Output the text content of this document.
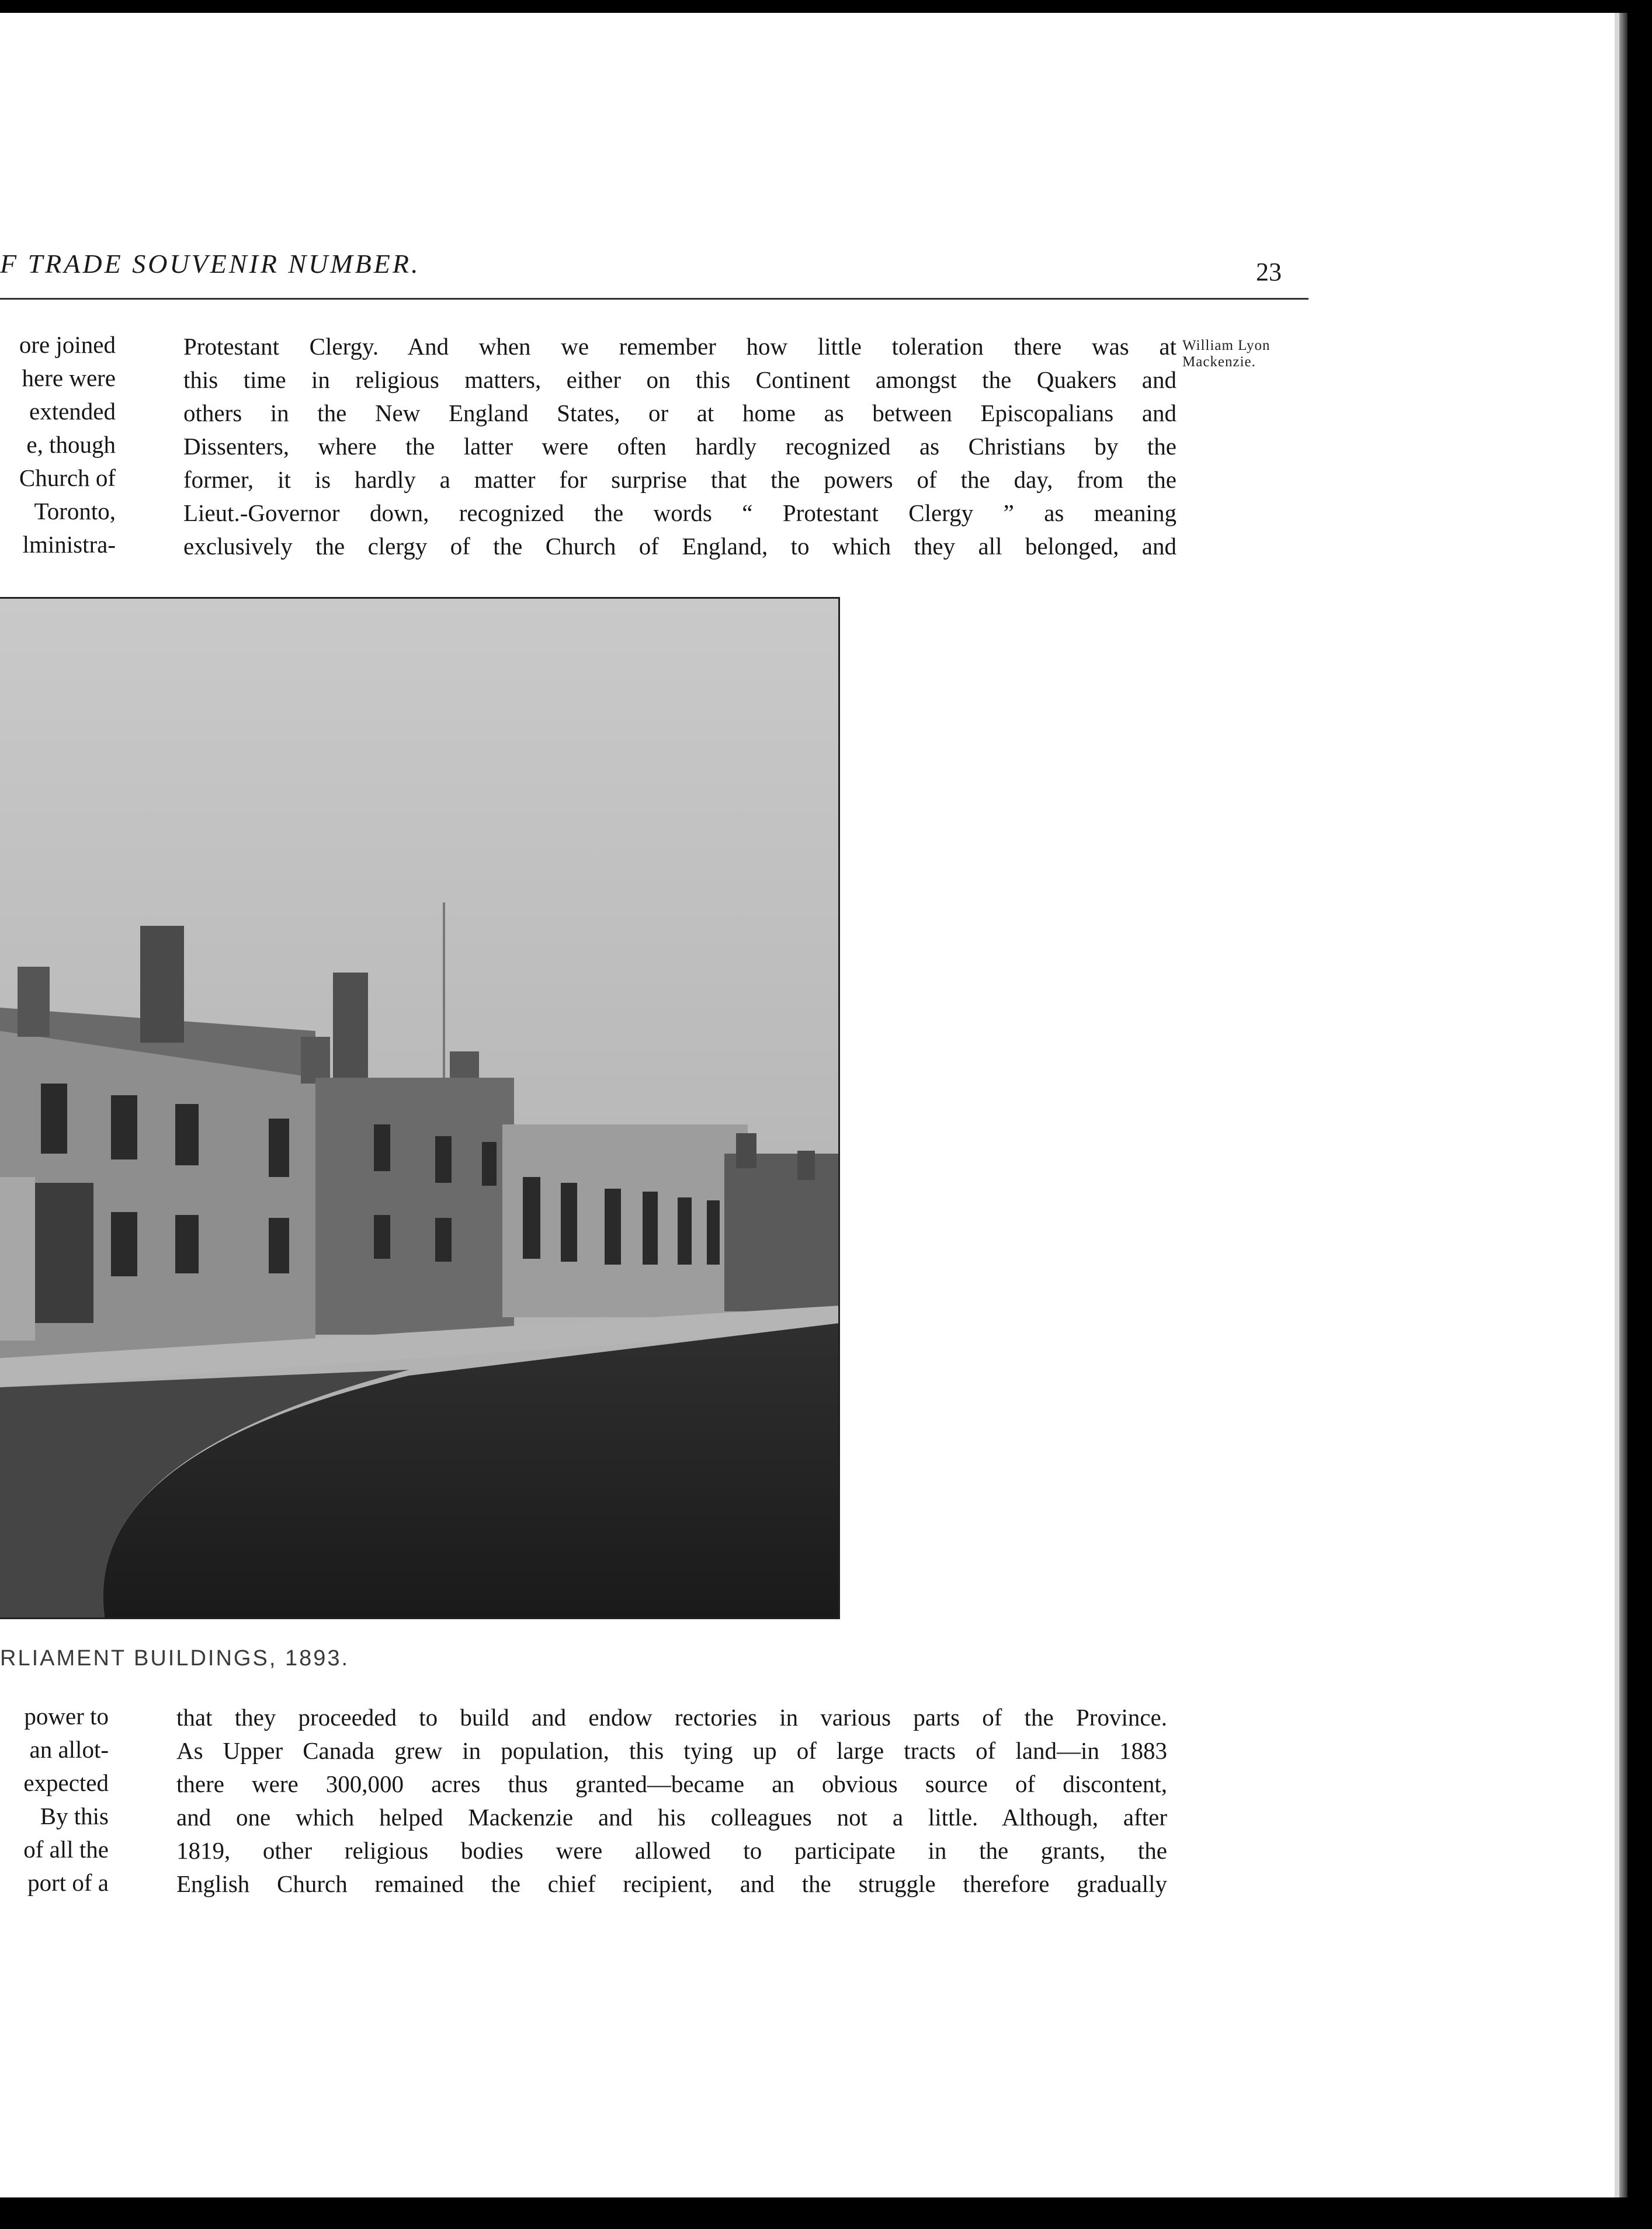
F TRADE SOUVENIR NUMBER.	23
ore joined
here were
extended
e, though
Church of
Toronto,
lministra-
Protestant Clergy. And when we remember how little toleration there was at
this time in religious matters, either on this Continent amongst the Quakers and
others in the New England States, or at home as between Episcopalians and
Dissenters, where the latter were often hardly recognized as Christians by the
former, it is hardly a matter for surprise that the powers of the day, from the
Lieut.-Governor down, recognized the words “ Protestant Clergy ” as meaning
exclusively the clergy of the Church of England, to which they all belonged, and
William Lyon
Mackenzie.
RLIAMENT BUILDINGS, 1893.
power to
an allot-
expected
By this
of all the
port of a
that they proceeded to build and endow rectories in various parts of the Province.
As Upper Canada grew in population, this tying up of large tracts of land—in 1883
there were 300,000 acres thus granted—became an obvious source of discontent,
and one which helped Mackenzie and his colleagues not a little. Although, after
1819, other religious bodies were allowed to participate in the grants, the
English Church remained the chief recipient, and the struggle therefore gradually
